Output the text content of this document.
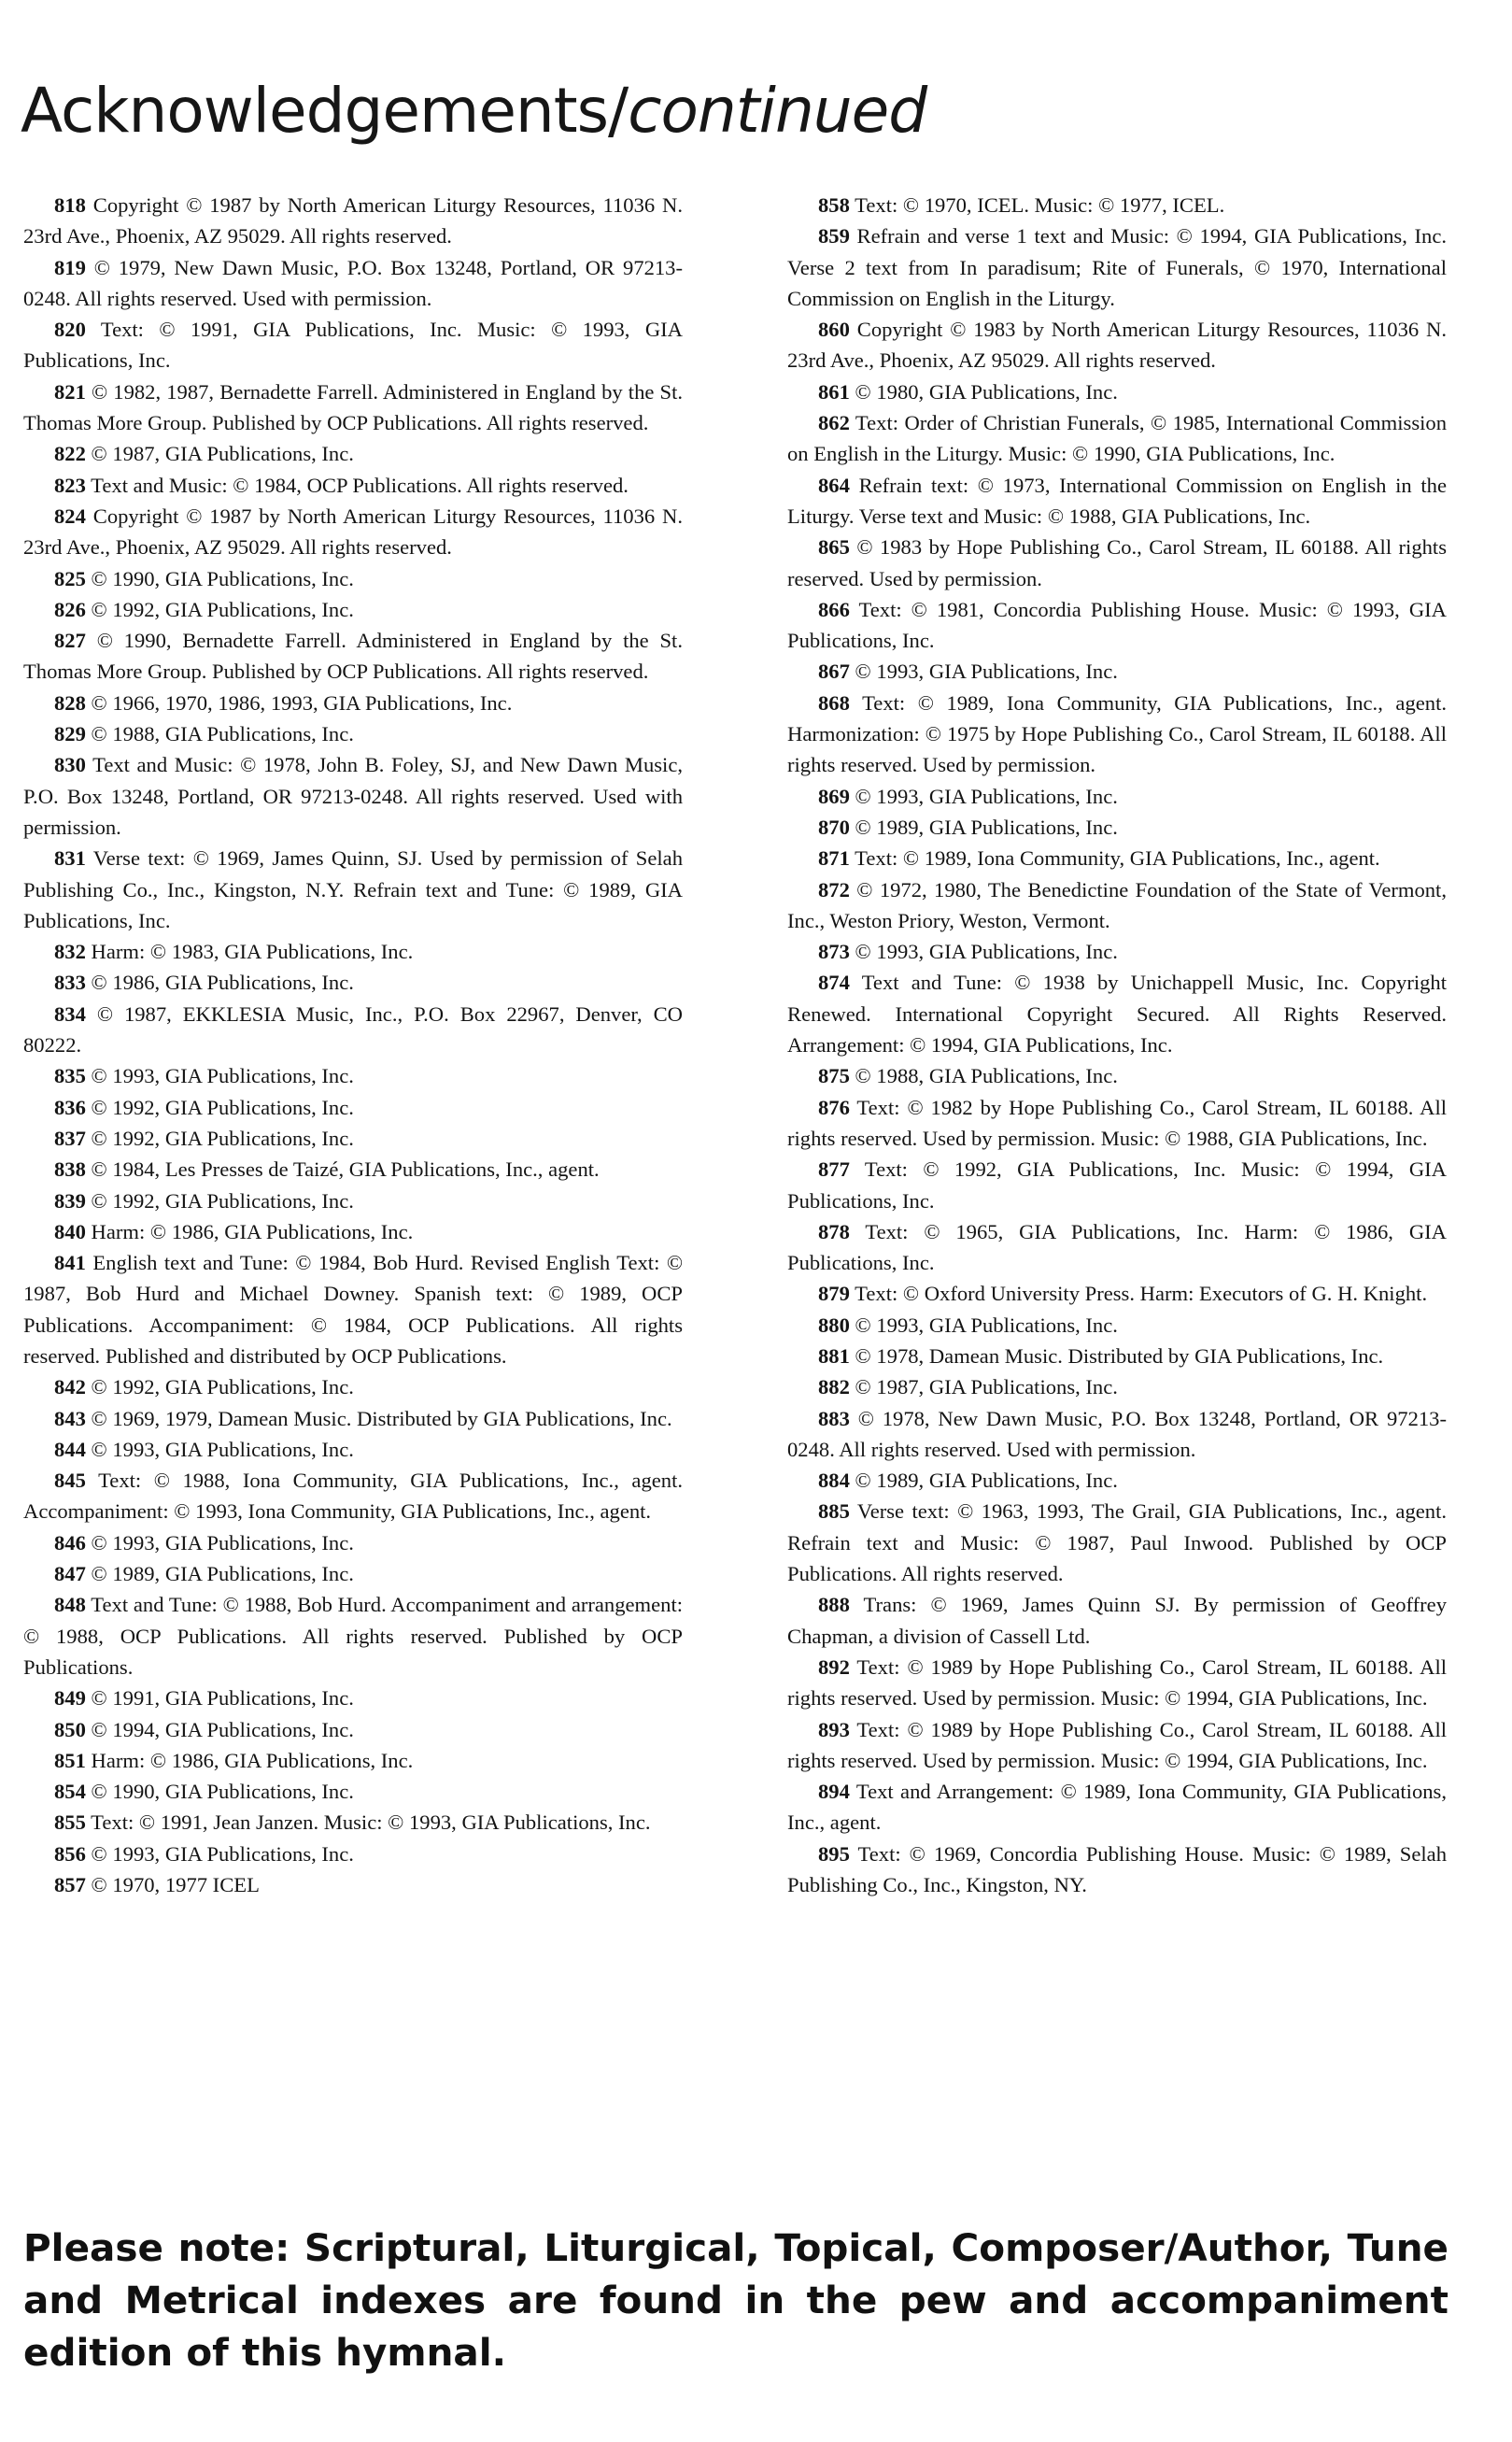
Acknowledgements/continued

818 Copyright © 1987 by North American Liturgy Resources, 11036 N. 23rd Ave., Phoenix, AZ 95029. All rights reserved.

819 © 1979, New Dawn Music, P.O. Box 13248, Portland, OR 97213-0248. All rights reserved. Used with permission.

820 Text: © 1991, GIA Publications, Inc. Music: © 1993, GIA Publications, Inc.

821 © 1982, 1987, Bernadette Farrell. Administered in England by the St. Thomas More Group. Published by OCP Publications. All rights reserved.

822 © 1987, GIA Publications, Inc.

823 Text and Music: © 1984, OCP Publications. All rights reserved.

824 Copyright © 1987 by North American Liturgy Resources, 11036 N. 23rd Ave., Phoenix, AZ 95029. All rights reserved.

825 © 1990, GIA Publications, Inc.

826 © 1992, GIA Publications, Inc.

827 © 1990, Bernadette Farrell. Administered in England by the St. Thomas More Group. Published by OCP Publications. All rights reserved.

828 © 1966, 1970, 1986, 1993, GIA Publications, Inc.

829 © 1988, GIA Publications, Inc.

830 Text and Music: © 1978, John B. Foley, SJ, and New Dawn Music, P.O. Box 13248, Portland, OR 97213-0248. All rights reserved. Used with permission.

831 Verse text: © 1969, James Quinn, SJ. Used by permission of Selah Publishing Co., Inc., Kingston, N.Y. Refrain text and Tune: © 1989, GIA Publications, Inc.

832 Harm: © 1983, GIA Publications, Inc.

833 © 1986, GIA Publications, Inc.

834 © 1987, EKKLESIA Music, Inc., P.O. Box 22967, Denver, CO 80222.

835 © 1993, GIA Publications, Inc.

836 © 1992, GIA Publications, Inc.

837 © 1992, GIA Publications, Inc.

838 © 1984, Les Presses de Taizé, GIA Publications, Inc., agent.

839 © 1992, GIA Publications, Inc.

840 Harm: © 1986, GIA Publications, Inc.

841 English text and Tune: © 1984, Bob Hurd. Revised English Text: © 1987, Bob Hurd and Michael Downey. Spanish text: © 1989, OCP Publications. Accompaniment: © 1984, OCP Publications. All rights reserved. Published and distributed by OCP Publications.

842 © 1992, GIA Publications, Inc.

843 © 1969, 1979, Damean Music. Distributed by GIA Publications, Inc.

844 © 1993, GIA Publications, Inc.

845 Text: © 1988, Iona Community, GIA Publications, Inc., agent. Accompaniment: © 1993, Iona Community, GIA Publications, Inc., agent.

846 © 1993, GIA Publications, Inc.

847 © 1989, GIA Publications, Inc.

848 Text and Tune: © 1988, Bob Hurd. Accompaniment and arrangement: © 1988, OCP Publications. All rights reserved. Published by OCP Publications.

849 © 1991, GIA Publications, Inc.

850 © 1994, GIA Publications, Inc.

851 Harm: © 1986, GIA Publications, Inc.

854 © 1990, GIA Publications, Inc.

855 Text: © 1991, Jean Janzen. Music: © 1993, GIA Publications, Inc.

856 © 1993, GIA Publications, Inc.

857 © 1970, 1977 ICEL

858 Text: © 1970, ICEL. Music: © 1977, ICEL.

859 Refrain and verse 1 text and Music: © 1994, GIA Publications, Inc. Verse 2 text from In paradisum; Rite of Funerals, © 1970, International Commission on English in the Liturgy.

860 Copyright © 1983 by North American Liturgy Resources, 11036 N. 23rd Ave., Phoenix, AZ 95029. All rights reserved.

861 © 1980, GIA Publications, Inc.

862 Text: Order of Christian Funerals, © 1985, International Commission on English in the Liturgy. Music: © 1990, GIA Publications, Inc.

864 Refrain text: © 1973, International Commission on English in the Liturgy. Verse text and Music: © 1988, GIA Publications, Inc.

865 © 1983 by Hope Publishing Co., Carol Stream, IL 60188. All rights reserved. Used by permission.

866 Text: © 1981, Concordia Publishing House. Music: © 1993, GIA Publications, Inc.

867 © 1993, GIA Publications, Inc.

868 Text: © 1989, Iona Community, GIA Publications, Inc., agent. Harmonization: © 1975 by Hope Publishing Co., Carol Stream, IL 60188. All rights reserved. Used by permission.

869 © 1993, GIA Publications, Inc.

870 © 1989, GIA Publications, Inc.

871 Text: © 1989, Iona Community, GIA Publications, Inc., agent.

872 © 1972, 1980, The Benedictine Foundation of the State of Vermont, Inc., Weston Priory, Weston, Vermont.

873 © 1993, GIA Publications, Inc.

874 Text and Tune: © 1938 by Unichappell Music, Inc. Copyright Renewed. International Copyright Secured. All Rights Reserved. Arrangement: © 1994, GIA Publications, Inc.

875 © 1988, GIA Publications, Inc.

876 Text: © 1982 by Hope Publishing Co., Carol Stream, IL 60188. All rights reserved. Used by permission. Music: © 1988, GIA Publications, Inc.

877 Text: © 1992, GIA Publications, Inc. Music: © 1994, GIA Publications, Inc.

878 Text: © 1965, GIA Publications, Inc. Harm: © 1986, GIA Publications, Inc.

879 Text: © Oxford University Press. Harm: Executors of G. H. Knight.

880 © 1993, GIA Publications, Inc.

881 © 1978, Damean Music. Distributed by GIA Publications, Inc.

882 © 1987, GIA Publications, Inc.

883 © 1978, New Dawn Music, P.O. Box 13248, Portland, OR 97213-0248. All rights reserved. Used with permission.

884 © 1989, GIA Publications, Inc.

885 Verse text: © 1963, 1993, The Grail, GIA Publications, Inc., agent. Refrain text and Music: © 1987, Paul Inwood. Published by OCP Publications. All rights reserved.

888 Trans: © 1969, James Quinn SJ. By permission of Geoffrey Chapman, a division of Cassell Ltd.

892 Text: © 1989 by Hope Publishing Co., Carol Stream, IL 60188. All rights reserved. Used by permission. Music: © 1994, GIA Publications, Inc.

893 Text: © 1989 by Hope Publishing Co., Carol Stream, IL 60188. All rights reserved. Used by permission. Music: © 1994, GIA Publications, Inc.

894 Text and Arrangement: © 1989, Iona Community, GIA Publications, Inc., agent.

895 Text: © 1969, Concordia Publishing House. Music: © 1989, Selah Publishing Co., Inc., Kingston, NY.

Please note: Scriptural, Liturgical, Topical, Composer/Author, Tune and Metrical indexes are found in the pew and accompaniment edition of this hymnal.
